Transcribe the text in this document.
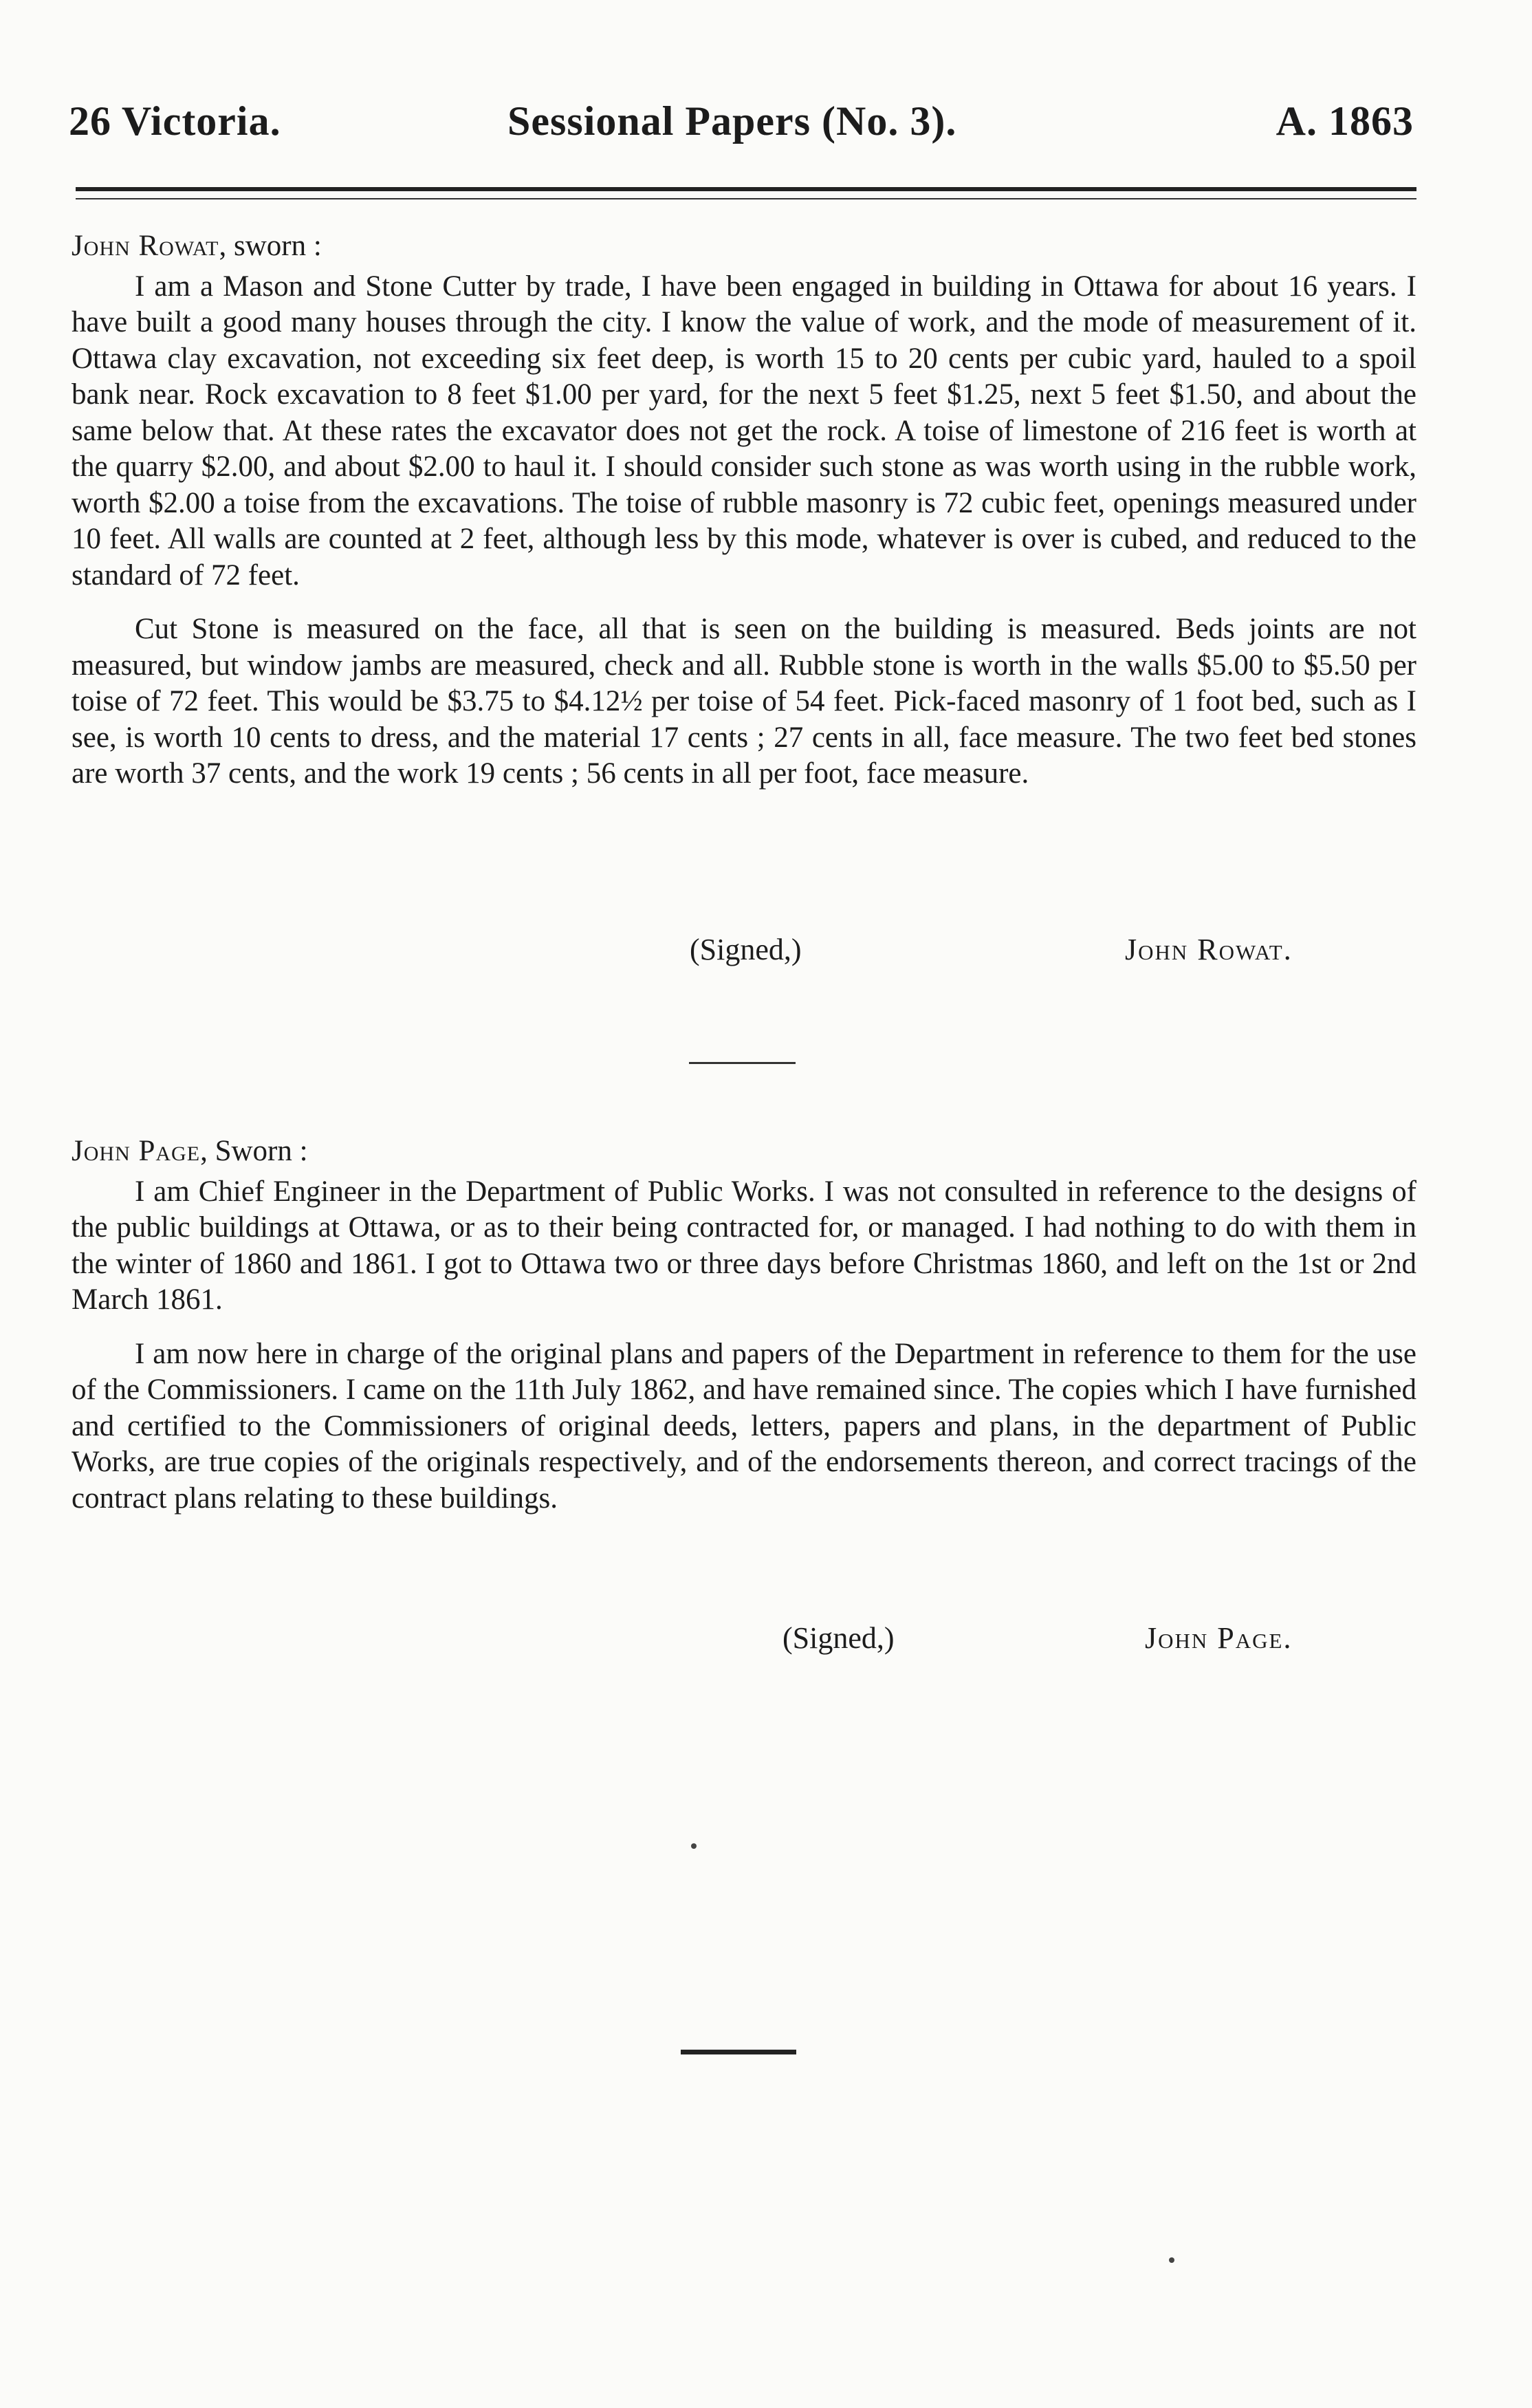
26 Victoria.	Sessional Papers (No. 3).	A. 1863

John Rowat, sworn :

I am a Mason and Stone Cutter by trade, I have been engaged in building in Ottawa for about 16 years. I have built a good many houses through the city. I know the value of work, and the mode of measurement of it. Ottawa clay excavation, not exceeding six feet deep, is worth 15 to 20 cents per cubic yard, hauled to a spoil bank near. Rock excavation to 8 feet $1.00 per yard, for the next 5 feet $1.25, next 5 feet $1.50, and about the same below that. At these rates the excavator does not get the rock. A toise of limestone of 216 feet is worth at the quarry $2.00, and about $2.00 to haul it. I should consider such stone as was worth using in the rubble work, worth $2.00 a toise from the excavations. The toise of rubble masonry is 72 cubic feet, openings measured under 10 feet. All walls are counted at 2 feet, although less by this mode, whatever is over is cubed, and reduced to the standard of 72 feet.

Cut Stone is measured on the face, all that is seen on the building is measured. Beds joints are not measured, but window jambs are measured, check and all. Rubble stone is worth in the walls $5.00 to $5.50 per toise of 72 feet. This would be $3.75 to $4.12½ per toise of 54 feet. Pick-faced masonry of 1 foot bed, such as I see, is worth 10 cents to dress, and the material 17 cents ; 27 cents in all, face measure. The two feet bed stones are worth 37 cents, and the work 19 cents ; 56 cents in all per foot, face measure.

(Signed,)	John Rowat.

John Page, Sworn :

I am Chief Engineer in the Department of Public Works. I was not consulted in reference to the designs of the public buildings at Ottawa, or as to their being contracted for, or managed. I had nothing to do with them in the winter of 1860 and 1861. I got to Ottawa two or three days before Christmas 1860, and left on the 1st or 2nd March 1861.

I am now here in charge of the original plans and papers of the Department in reference to them for the use of the Commissioners. I came on the 11th July 1862, and have remained since. The copies which I have furnished and certified to the Commissioners of original deeds, letters, papers and plans, in the department of Public Works, are true copies of the originals respectively, and of the endorsements thereon, and correct tracings of the contract plans relating to these buildings.

(Signed,)	John Page.
